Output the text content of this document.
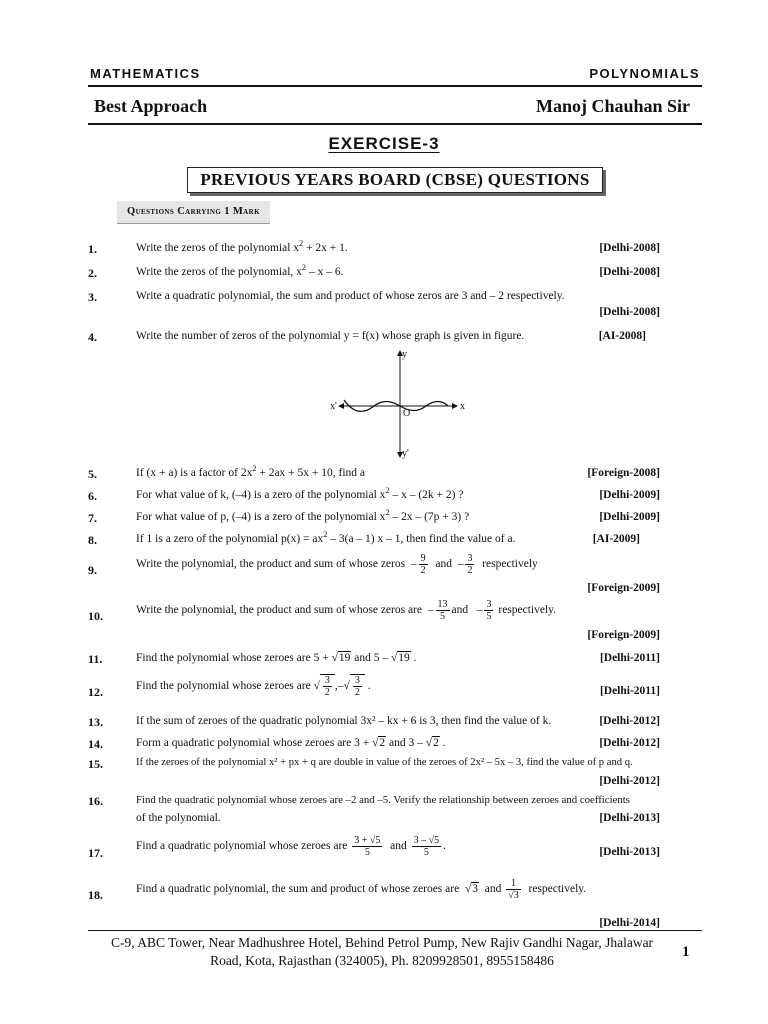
MATHEMATICS	POLYNOMIALS
Best Approach	Manoj Chauhan Sir
EXERCISE-3
PREVIOUS YEARS BOARD (CBSE) QUESTIONS
Questions Carrying 1 Mark
1.	Write the zeros of the polynomial $x^2 + 2x + 1$.	[Delhi-2008]
2.	Write the zeros of the polynomial, $x^2$ – x – 6.	[Delhi-2008]
3.	Write a quadratic polynomial, the sum and product of whose zeros are 3 and – 2 respectively.
[Delhi-2008]
4.	Write the number of zeros of the polynomial y = f(x) whose graph is given in figure.	[AI-2008]
y
y'
x'	x
O
5.	If (x + a) is a factor of $2x^2 + 2ax + 5x + 10$, find a	[Foreign-2008]
6.	For what value of k, (–4) is a zero of the polynomial $x^2 - x - (2k + 2)$ ?	[Delhi-2009]
7.	For what value of p, (–4) is a zero of the polynomial $x^2 - 2x - (7p + 3)$ ?	[Delhi-2009]
8.	If 1 is a zero of the polynomial $p(x) = ax^2 - 3(a - 1)$ x – 1, then find the value of a.	[AI-2009]
9.	Write the polynomial, the product and sum of whose zeros  – $\frac{9}{2}$ and  – $\frac{3}{2}$ respectively
[Foreign-2009]
10.	Write the polynomial, the product and sum of whose zeros are  – $\frac{13}{5}$ and   – $\frac{3}{5}$ respectively.
[Foreign-2009]
11.	Find the polynomial whose zeroes are 5 + √19 and 5 – √19 .	[Delhi-2011]
12.	Find the polynomial whose zeroes are √ $\frac{3}{2}$ ,–√ $\frac{3}{2}$ .	[Delhi-2011]
13.	If the sum of zeroes of the quadratic polynomial 3x² – kx + 6 is 3, then find the value of k.	[Delhi-2012]
14.	Form a quadratic polynomial whose zeroes are 3 + √2 and 3 – √2 .	[Delhi-2012]
15.	If the zeroes of the polynomial x² + px + q are double in value of the zeroes of 2x² – 5x – 3, find the value of p and q.
[Delhi-2012]
16.	Find the quadratic polynomial whose zeroes are –2 and –5. Verify the relationship between zeroes and coefficients
of the polynomial.	[Delhi-2013]
17.	Find a quadratic polynomial whose zeroes are $\frac{3 + √5}{5}$ and $\frac{3 - √5}{5}$ .	[Delhi-2013]
18.	Find a quadratic polynomial, the sum and product of whose zeroes are  √3 and $\frac{1}{√3}$ respectively.
[Delhi-2014]
C-9, ABC Tower, Near Madhushree Hotel, Behind Petrol Pump, New Rajiv Gandhi Nagar, Jhalawar
Road, Kota, Rajasthan (324005), Ph. 8209928501, 8955158486
1
